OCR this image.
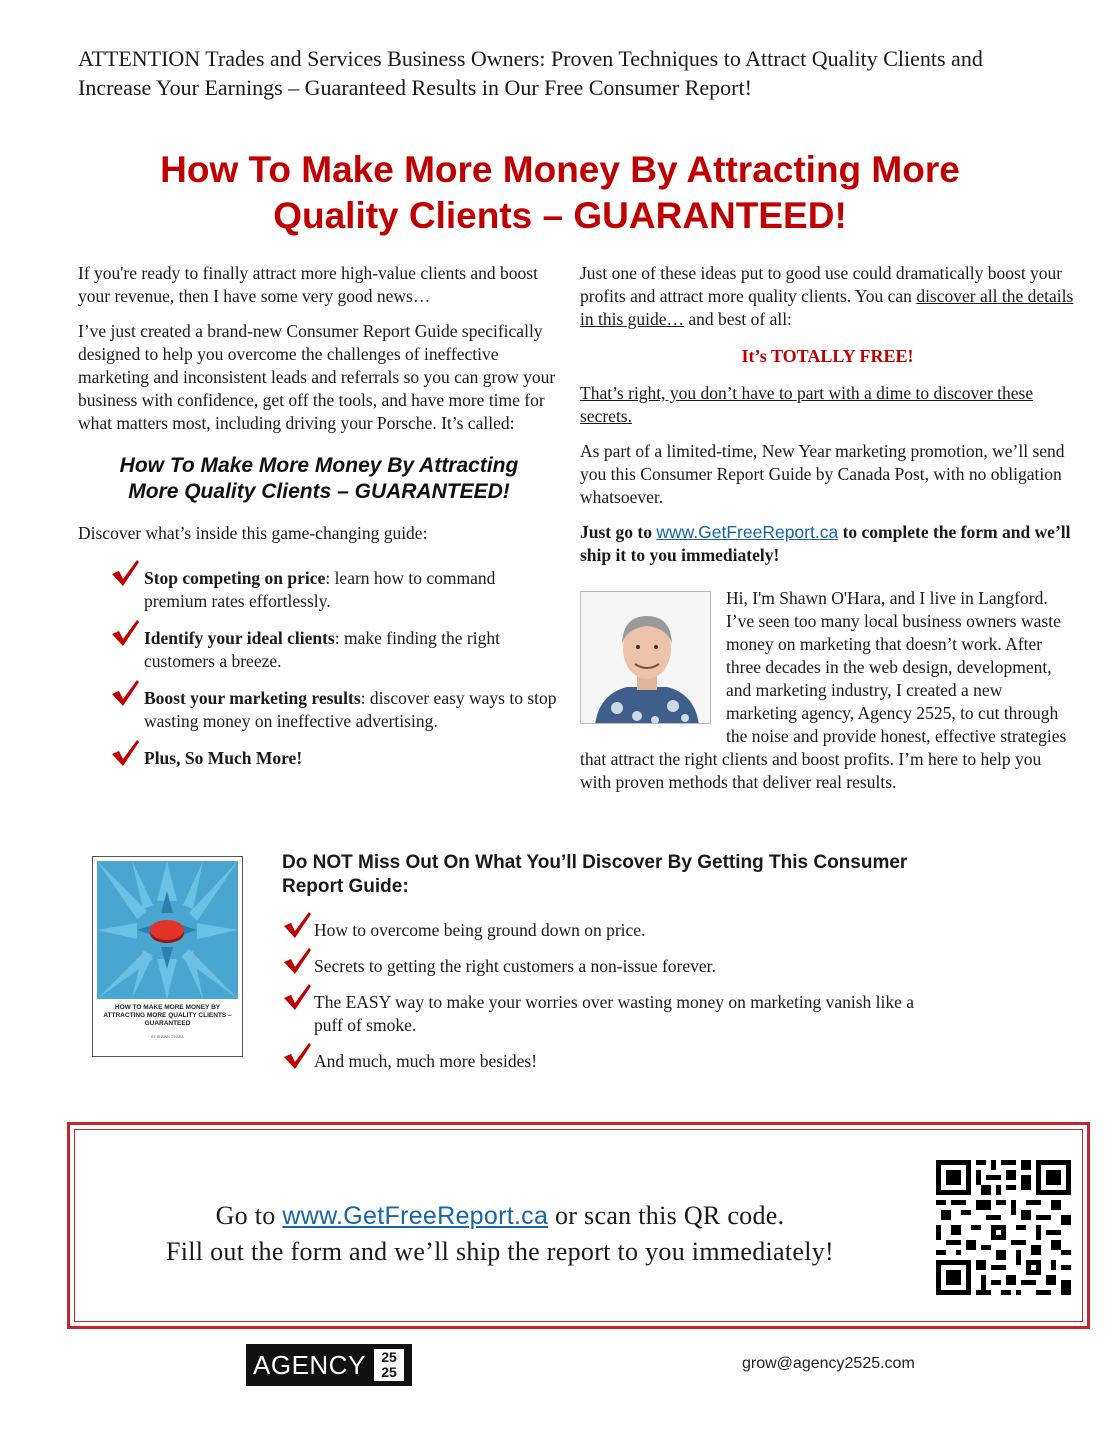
ATTENTION Trades and Services Business Owners: Proven Techniques to Attract Quality Clients and Increase Your Earnings – Guaranteed Results in Our Free Consumer Report!
How To Make More Money By Attracting More
Quality Clients – GUARANTEED!

If you're ready to finally attract more high-value clients and boost your revenue, then I have some very good news…

I’ve just created a brand-new Consumer Report Guide specifically designed to help you overcome the challenges of ineffective marketing and inconsistent leads and referrals so you can grow your business with confidence, get off the tools, and have more time for what matters most, including driving your Porsche. It’s called:

How To Make More Money By Attracting
More Quality Clients – GUARANTEED!

Discover what’s inside this game-changing guide:

Stop competing on price: learn how to command premium rates effortlessly.
Identify your ideal clients: make finding the right customers a breeze.
Boost your marketing results: discover easy ways to stop wasting money on ineffective advertising.
Plus, So Much More!

Just one of these ideas put to good use could dramatically boost your profits and attract more quality clients. You can discover all the details in this guide… and best of all:

It’s TOTALLY FREE!

That’s right, you don’t have to part with a dime to discover these secrets.

As part of a limited-time, New Year marketing promotion, we’ll send you this Consumer Report Guide by Canada Post, with no obligation whatsoever.

Just go to www.GetFreeReport.ca to complete the form and we’ll ship it to you immediately!

Hi, I'm Shawn O'Hara, and I live in Langford. I’ve seen too many local business owners waste money on marketing that doesn’t work. After three decades in the web design, development, and marketing industry, I created a new marketing agency, Agency 2525, to cut through the noise and provide honest, effective strategies that attract the right clients and boost profits. I’m here to help you with proven methods that deliver real results.

HOW TO MAKE MORE MONEY BY ATTRACTING MORE QUALITY CLIENTS – GUARANTEED
BY SHAWN O'HARA
Do NOT Miss Out On What You’ll Discover By Getting This Consumer Report Guide:
How to overcome being ground down on price.
Secrets to getting the right customers a non-issue forever.
The EASY way to make your worries over wasting money on marketing vanish like a puff of smoke.
And much, much more besides!
Go to www.GetFreeReport.ca or scan this QR code.
Fill out the form and we’ll ship the report to you immediately!
AGENCY	25
25	grow@agency2525.com
